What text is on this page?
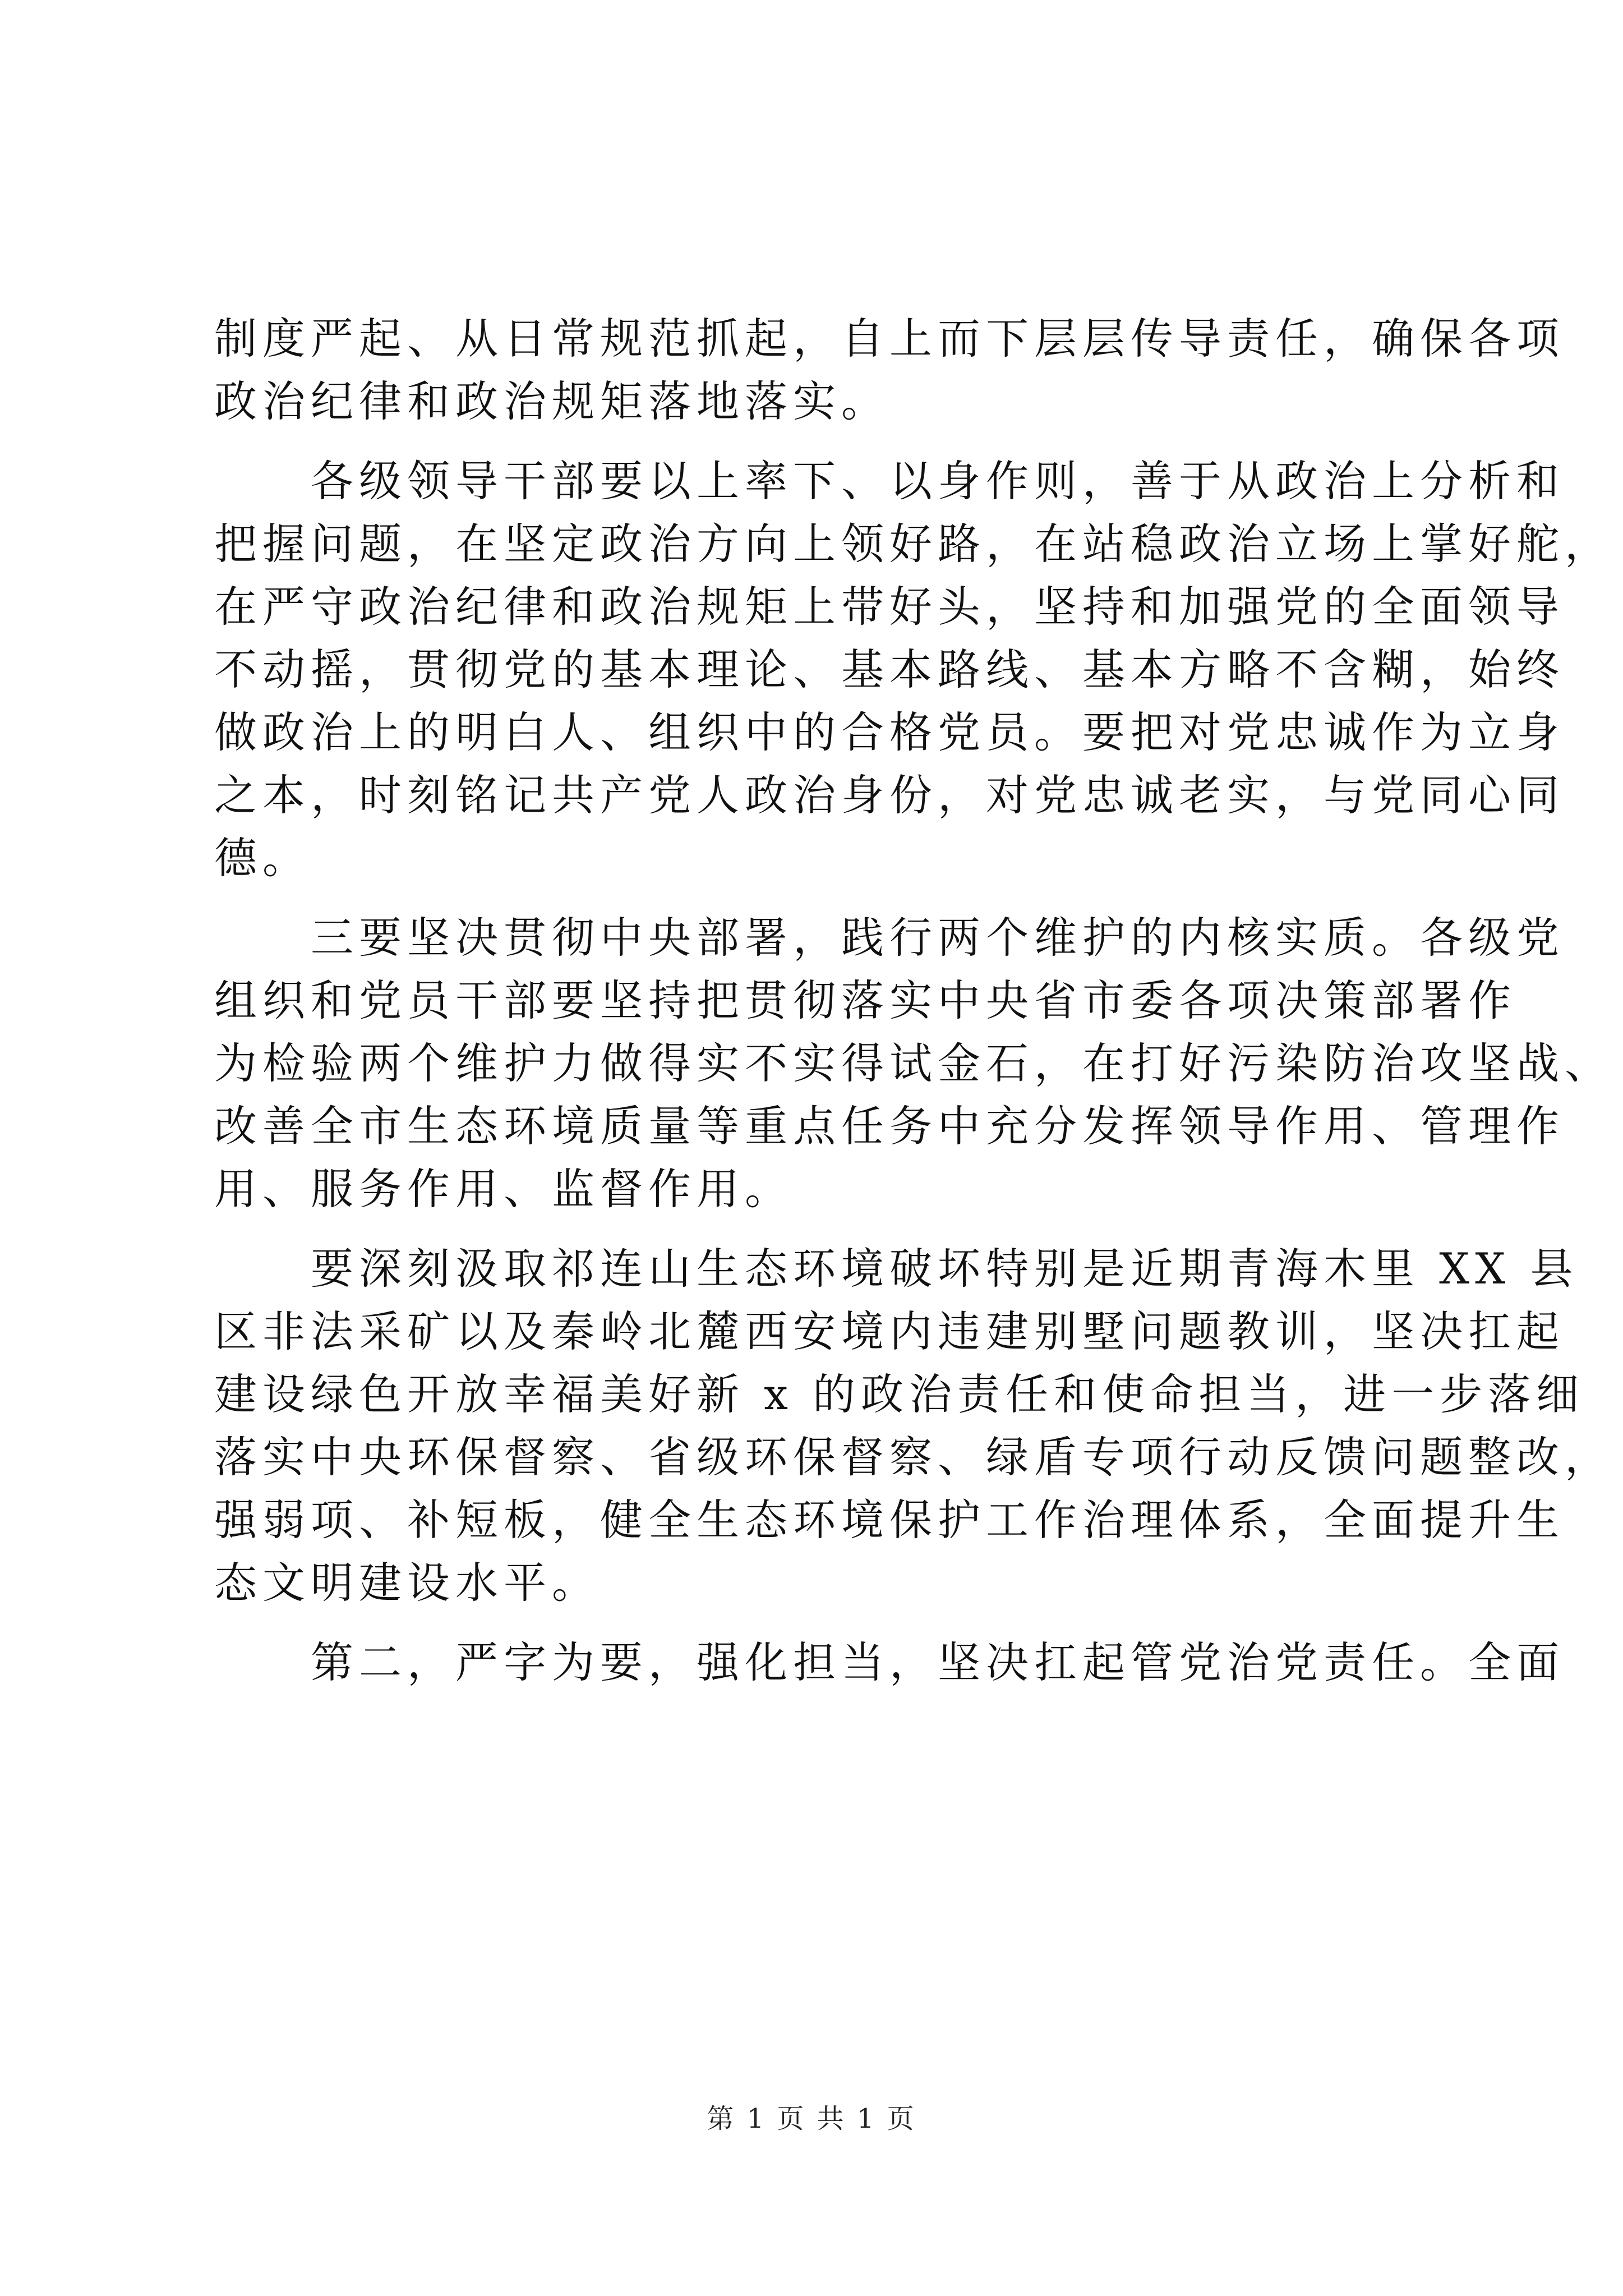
制度严起、从日常规范抓起，自上而下层层传导责任，确保各项
政治纪律和政治规矩落地落实。
各级领导干部要以上率下、以身作则，善于从政治上分析和
把握问题，在坚定政治方向上领好路，在站稳政治立场上掌好舵，
在严守政治纪律和政治规矩上带好头，坚持和加强党的全面领导
不动摇，贯彻党的基本理论、基本路线、基本方略不含糊，始终
做政治上的明白人、组织中的合格党员。要把对党忠诚作为立身
之本，时刻铭记共产党人政治身份，对党忠诚老实，与党同心同
德。
三要坚决贯彻中央部署，践行两个维护的内核实质。各级党
组织和党员干部要坚持把贯彻落实中央省市委各项决策部署作
为检验两个维护力做得实不实得试金石，在打好污染防治攻坚战、
改善全市生态环境质量等重点任务中充分发挥领导作用、管理作
用、服务作用、监督作用。
要深刻汲取祁连山生态环境破坏特别是近期青海木里 XX 县
区非法采矿以及秦岭北麓西安境内违建别墅问题教训，坚决扛起
建设绿色开放幸福美好新 x 的政治责任和使命担当，进一步落细
落实中央环保督察、省级环保督察、绿盾专项行动反馈问题整改，
强弱项、补短板，健全生态环境保护工作治理体系，全面提升生
态文明建设水平。
第二，严字为要，强化担当，坚决扛起管党治党责任。全面
第 1 页 共 1 页
